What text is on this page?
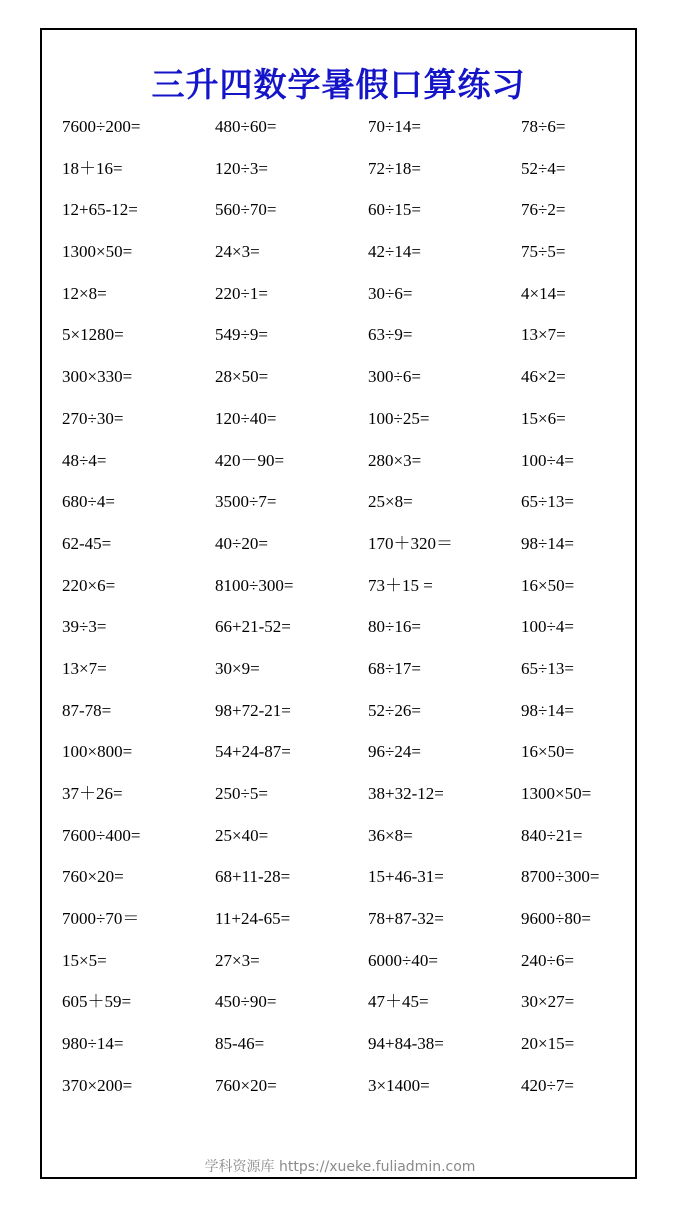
三升四数学暑假口算练习
7600÷200=	480÷60=	70÷14=	78÷6=
18＋16=	120÷3=	72÷18=	52÷4=
12+65-12=	560÷70=	60÷15=	76÷2=
1300×50=	24×3=	42÷14=	75÷5=
12×8=	220÷1=	30÷6=	4×14=
5×1280=	549÷9=	63÷9=	13×7=
300×330=	28×50=	300÷6=	46×2=
270÷30=	120÷40=	100÷25=	15×6=
48÷4=	420－90=	280×3=	100÷4=
680÷4=	3500÷7=	25×8=	65÷13=
62-45=	40÷20=	170＋320＝	98÷14=
220×6=	8100÷300=	73＋15 =	16×50=
39÷3=	66+21-52=	80÷16=	100÷4=
13×7=	30×9=	68÷17=	65÷13=
87-78=	98+72-21=	52÷26=	98÷14=
100×800=	54+24-87=	96÷24=	16×50=
37＋26=	250÷5=	38+32-12=	1300×50=
7600÷400=	25×40=	36×8=	840÷21=
760×20=	68+11-28=	15+46-31=	8700÷300=
7000÷70＝	11+24-65=	78+87-32=	9600÷80=
15×5=	27×3=	6000÷40=	240÷6=
605＋59=	450÷90=	47＋45=	30×27=
980÷14=	85-46=	94+84-38=	20×15=
370×200=	760×20=	3×1400=	420÷7=
学科资源库 https://xueke.fuliadmin.com
